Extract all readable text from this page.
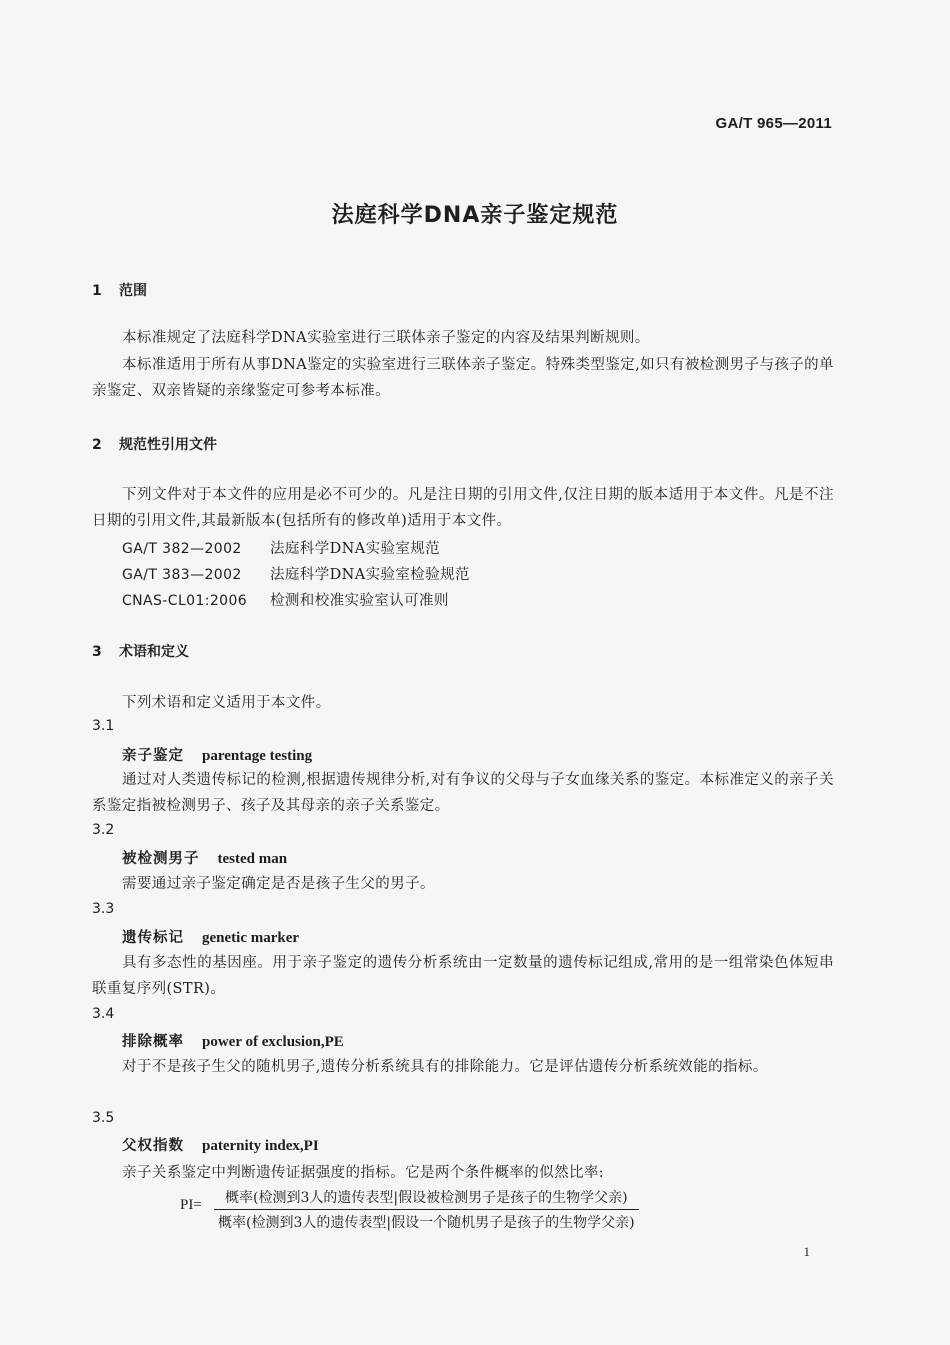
GA/T 965—2011
法庭科学DNA亲子鉴定规范
1 范围

本标准规定了法庭科学DNA实验室进行三联体亲子鉴定的内容及结果判断规则。

本标准适用于所有从事DNA鉴定的实验室进行三联体亲子鉴定。特殊类型鉴定,如只有被检测男子与孩子的单亲鉴定、双亲皆疑的亲缘鉴定可参考本标准。

2 规范性引用文件

下列文件对于本文件的应用是必不可少的。凡是注日期的引用文件,仅注日期的版本适用于本文件。凡是不注日期的引用文件,其最新版本(包括所有的修改单)适用于本文件。

GA/T 382—2002 法庭科学DNA实验室规范
GA/T 383—2002 法庭科学DNA实验室检验规范
CNAS-CL01:2006 检测和校准实验室认可准则
3 术语和定义
下列术语和定义适用于本文件。
3.1
亲子鉴定 parentage testing

通过对人类遗传标记的检测,根据遗传规律分析,对有争议的父母与子女血缘关系的鉴定。本标准定义的亲子关系鉴定指被检测男子、孩子及其母亲的亲子关系鉴定。

3.2
被检测男子 tested man

需要通过亲子鉴定确定是否是孩子生父的男子。

3.3
遗传标记 genetic marker

具有多态性的基因座。用于亲子鉴定的遗传分析系统由一定数量的遗传标记组成,常用的是一组常染色体短串联重复序列(STR)。

3.4
排除概率 power of exclusion,PE

对于不是孩子生父的随机男子,遗传分析系统具有的排除能力。它是评估遗传分析系统效能的指标。

3.5
父权指数 paternity index,PI
亲子关系鉴定中判断遗传证据强度的指标。它是两个条件概率的似然比率:
PI=	概率(检测到3人的遗传表型|假设被检测男子是孩子的生物学父亲)
概率(检测到3人的遗传表型|假设一个随机男子是孩子的生物学父亲)
1
